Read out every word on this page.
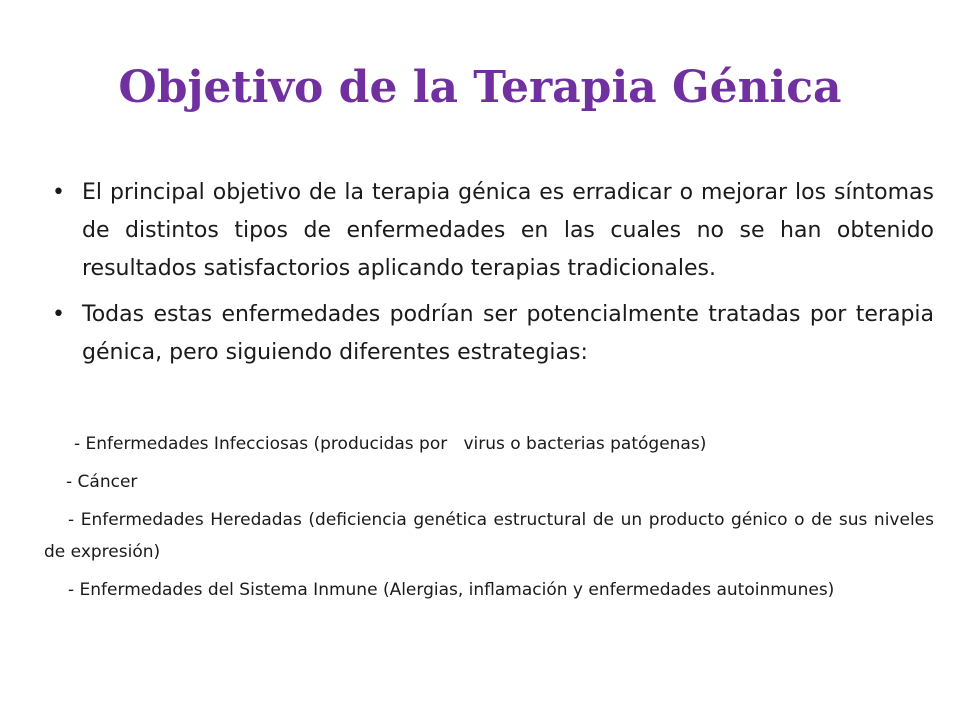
Objetivo de la Terapia Génica
• El principal objetivo de la terapia génica es erradicar o mejorar los síntomas de distintos tipos de enfermedades en las cuales no se han obtenido resultados satisfactorios aplicando terapias tradicionales.
• Todas estas enfermedades podrían ser potencialmente tratadas por terapia génica, pero siguiendo diferentes estrategias:

- Enfermedades Infecciosas (producidas por   virus o bacterias patógenas)

- Cáncer

- Enfermedades Heredadas (deficiencia genética estructural de un producto génico o de sus niveles de expresión)

- Enfermedades del Sistema Inmune (Alergias, inflamación y enfermedades autoinmunes)
